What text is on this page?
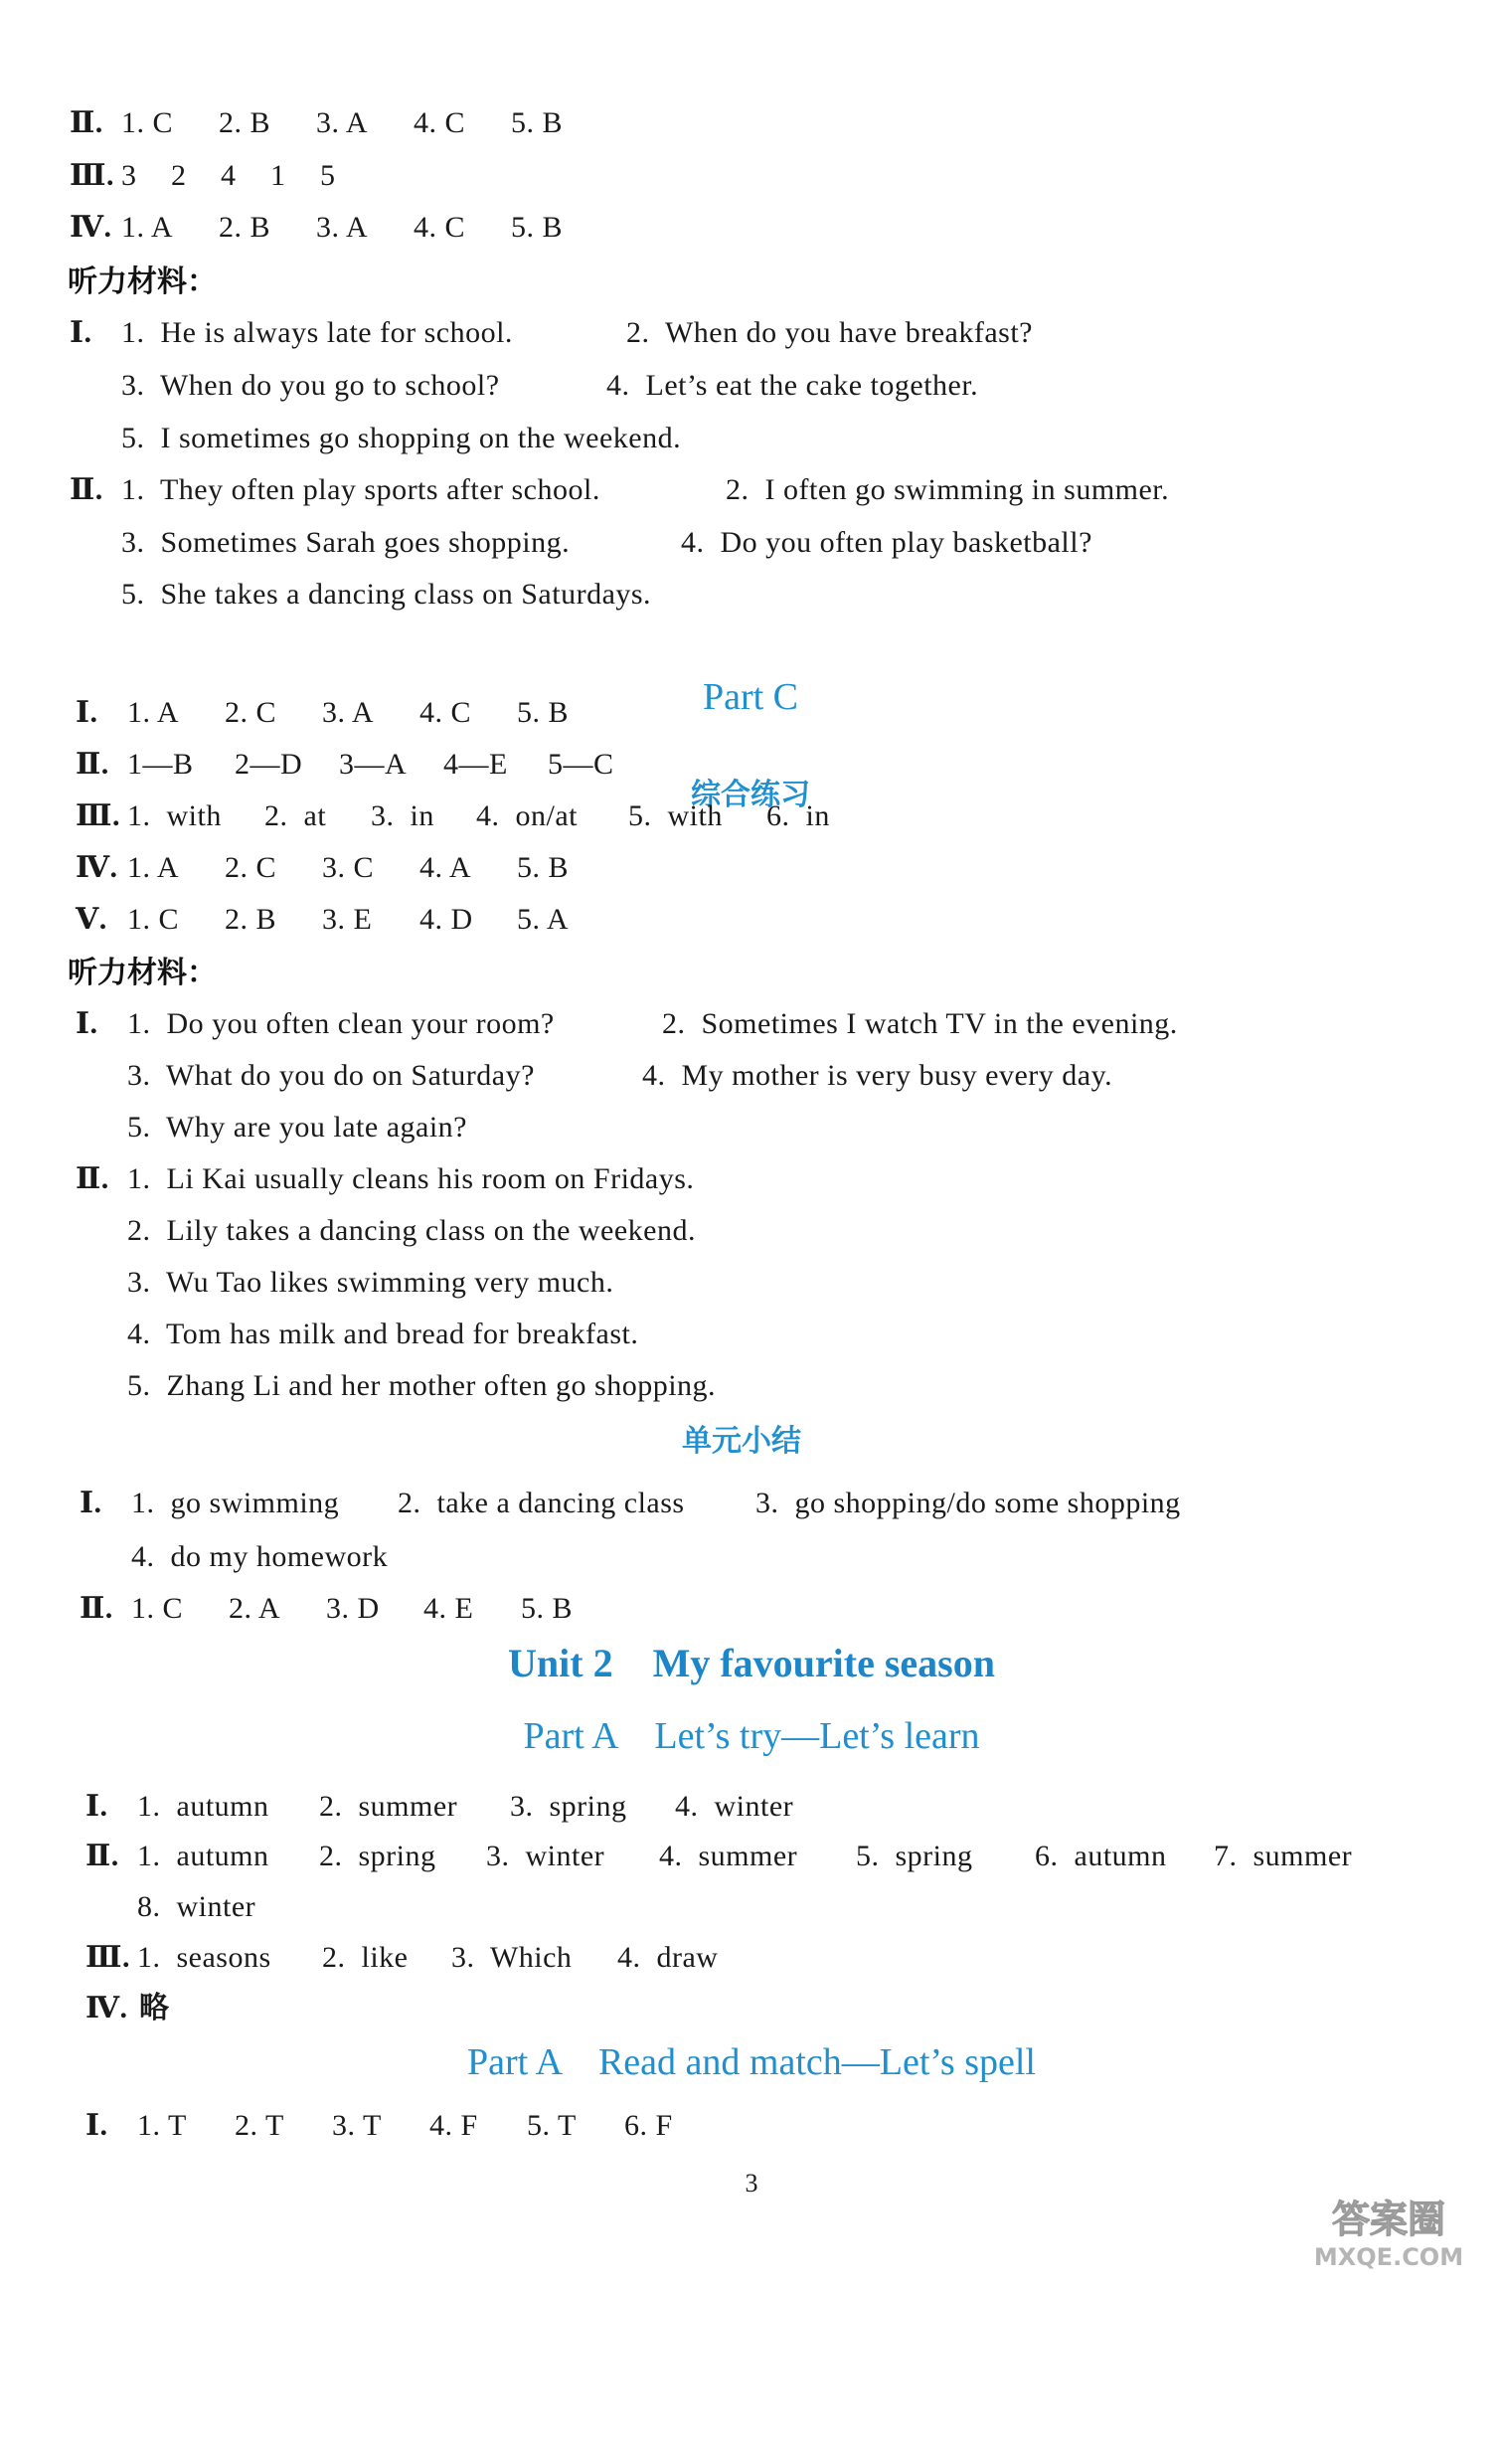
Ⅱ.

1. C

2. B

3. A

4. C

5. B

Ⅲ.

3

2

4

1

5

Ⅳ.

1. A

2. B

3. A

4. C

5. B

听力材料：

Ⅰ.

1.  He is always late for school.

	2.  When do you have breakfast?

3.  When do you go to school?

	4.  Let’s eat the cake together.

5.  I sometimes go shopping on the weekend.

Ⅱ.

1.  They often play sports after school.

	2.  I often go swimming in summer.

3.  Sometimes Sarah goes shopping.

	4.  Do you often play basketball?

5.  She takes a dancing class on Saturdays.

Part C

综合练习

Ⅰ.

1. A

2. C

3. A

4. C

5. B

Ⅱ.

1—B

2—D

3—A

4—E

5—C

Ⅲ.

1.  with

2.  at

3.  in

4.  on/at

5.  with

6.  in

Ⅳ.

1. A

2. C

3. C

4. A

5. B

Ⅴ.

1. C

2. B

3. E

4. D

5. A

听力材料：

Ⅰ.

1.  Do you often clean your room?

	2.  Sometimes I watch TV in the evening.

3.  What do you do on Saturday?

	4.  My mother is very busy every day.

5.  Why are you late again?

Ⅱ.

1.  Li Kai usually cleans his room on Fridays.

2.  Lily takes a dancing class on the weekend.

3.  Wu Tao likes swimming very much.

4.  Tom has milk and bread for breakfast.

5.  Zhang Li and her mother often go shopping.

单元小结

Ⅰ.

1.  go swimming

2.  take a dancing class

3.  go shopping/do some shopping

4.  do my homework

Ⅱ.

1. C

2. A

3. D

4. E

5. B

Unit 2    My favourite season
Part A    Let’s try—Let’s learn

Ⅰ.

1.  autumn

2.  summer

3.  spring

4.  winter

Ⅱ.

1.  autumn

2.  spring

3.  winter

4.  summer

5.  spring

6.  autumn

7.  summer

8.  winter

Ⅲ.

1.  seasons

2.  like

3.  Which

4.  draw

Ⅳ.

略

Part A    Read and match—Let’s spell

Ⅰ.

1. T

2. T

3. T

4. F

5. T

6. F

3
答案圈
MXQE.COM
